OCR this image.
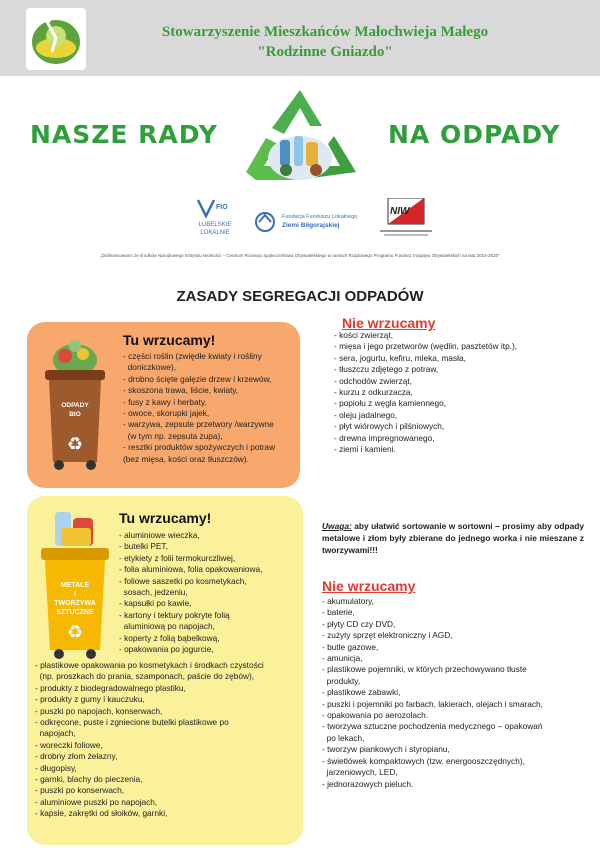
Stowarzyszenie Mieszkańców Małochwieja Małego
"Rodzinne Gniazdo"
NASZE RADY	NA ODPADY
FIO
LUBELSKIE
LOKALNIE
Fundacja Funduszu Lokalnego
Ziemi Biłgorajskiej
NIW
„Dofinansowano ze środków Narodowego Instytutu Wolności – Centrum Rozwoju Społeczeństwa Obywatelskiego w ramach Rządowego Programu Fundusz Inicjatyw Obywatelskich na lata 2014-2020"
ZASADY SEGREGACJI ODPADÓW
ODPADY
BIO
♻
Tu wrzucamy!
- części roślin (zwiędłe kwiaty i rośliny
doniczkowe),
- drobno ścięte gałęzie drzew i krzewów,
- skoszona trawa, liście, kwiaty,
- fusy z kawy i herbaty,
- owoce, skorupki jajek,
- warzywa, zepsute przetwory /warzywne
(w tym np. zepsuta zupa),
- resztki produktów spożywczych i potraw
(bez mięsa, kości oraz tłuszczów).
Nie wrzucamy
- kości zwierząt,
- mięsa i jego przetworów (wędlin, pasztetów itp.),
- sera, jogurtu, kefiru, mleka, masła,
- tłuszczu zdjętego z potraw,
- odchodów zwierząt,
- kurzu z odkurzacza,
- popiołu z węgla kamiennego,
- oleju jadalnego,
- płyt wiórowych i pilśniowych,
- drewna impregnowanego,
- ziemi i kamieni.
METALE
I
TWORZYWA
SZTUCZNE
♻
Tu wrzucamy!
- aluminiowe wieczka,
- butelki PET,
- etykiety z folii termokurczliwej,
- folia aluminiowa, folia opakowaniowa,
- foliowe saszetki po kosmetykach,
sosach, jedzeniu,
- kapsułki po kawie,
- kartony i tektury pokryte folią
aluminiową po napojach,
- koperty z folią bąbelkową,
- opakowania po jogurcie,
- plastikowe opakowania po kosmetykach i środkach czystości
(np. proszkach do prania, szamponach, paście do zębów),
- produkty z biodegradowalnego plastiku,
- produkty z gumy i kauczuku,
- puszki po napojach, konserwach,
- odkręcone, puste i zgniecione butelki plastikowe po
napojach,
- woreczki foliowe,
- drobny złom żelazny,
- długopisy,
- garnki, blachy do pieczenia,
- puszki po konserwach,
- aluminiowe puszki po napojach,
- kapsle, zakrętki od słoików, garnki,
Uwaga: aby ułatwić sortowanie w sortowni – prosimy aby odpady metalowe i złom były zbierane do jednego worka i nie mieszane z tworzywami!!!
Nie wrzucamy
- akumulatory,
- baterie,
- płyty CD czy DVD,
- zużyty sprzęt elektroniczny i AGD,
- butle gazowe,
- amunicja,
- plastikowe pojemniki, w których przechowywano tłuste
produkty,
- plastikowe zabawki,
- puszki i pojemniki po farbach, lakierach, olejach i smarach,
- opakowania po aerozolach.
- tworzywa sztuczne pochodzenia medycznego – opakowań
po lekach,
- tworzyw piankowych i styropianu,
- świetlówek kompaktowych (tzw. energooszczędnych),
jarzeniowych, LED,
- jednorazowych pieluch.
